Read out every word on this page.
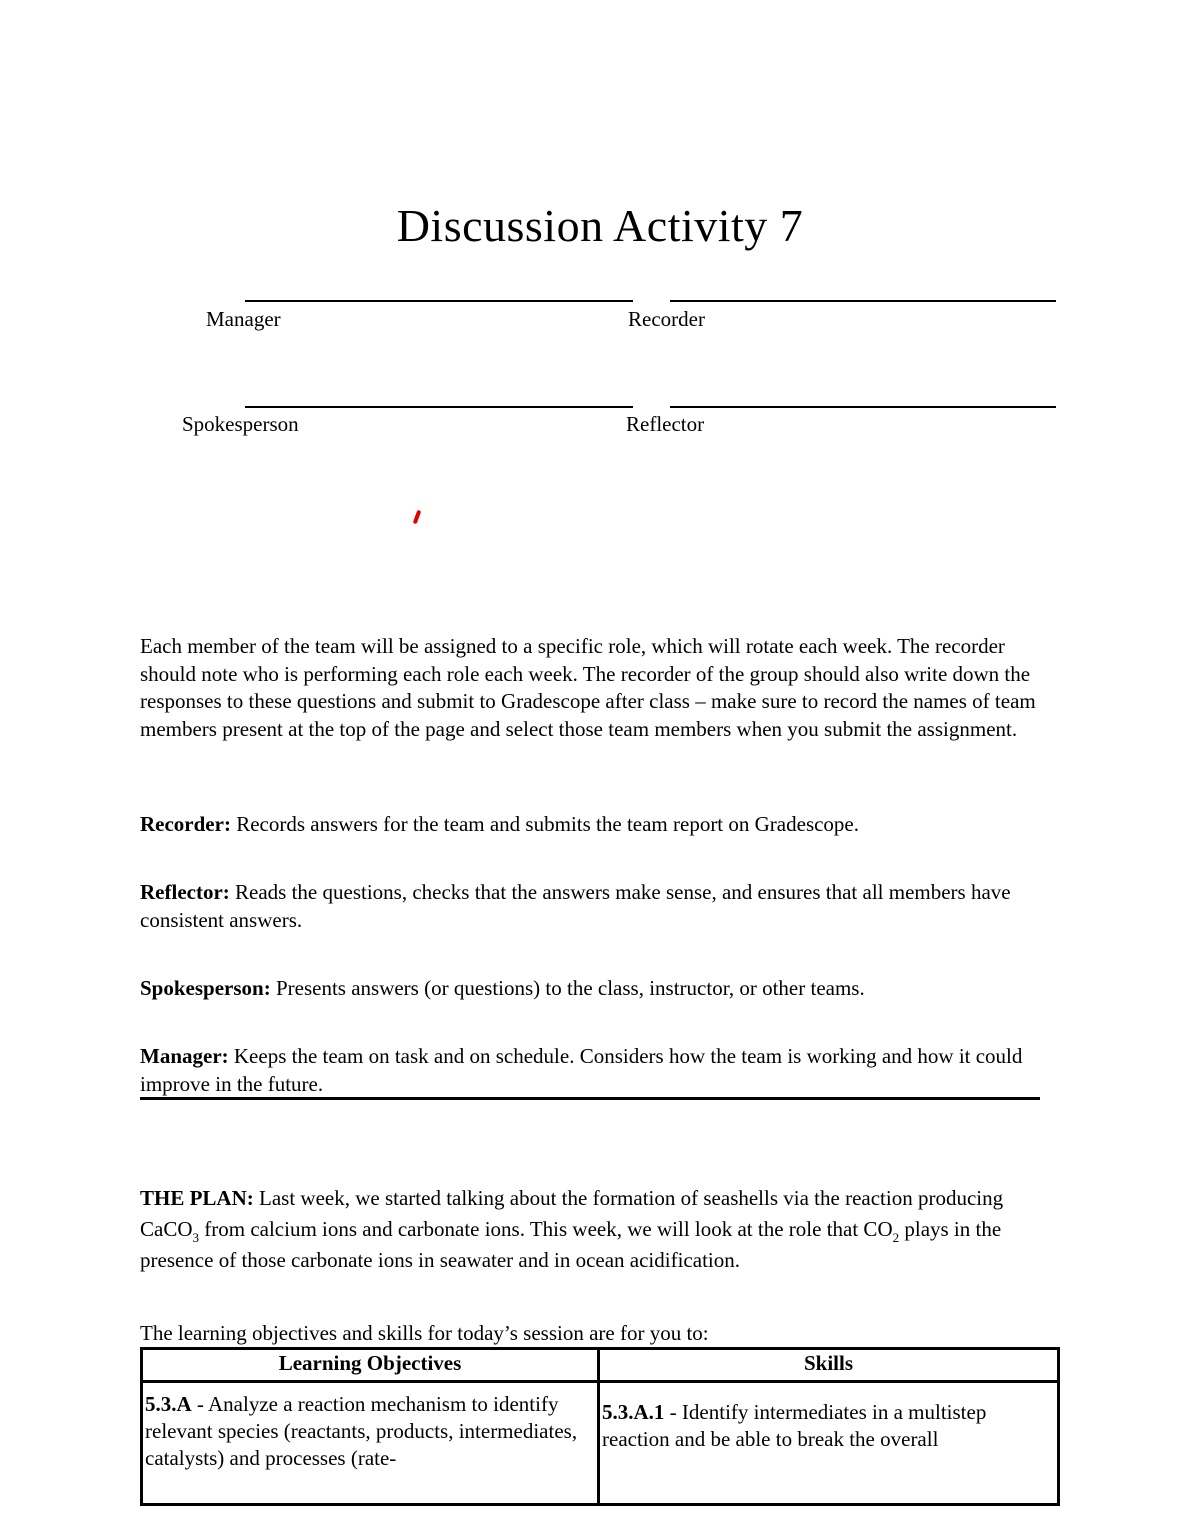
Discussion Activity 7
Manager	Recorder
Spokesperson	Reflector
Each member of the team will be assigned to a specific role, which will rotate each week. The recorder should note who is performing each role each week. The recorder of the group should also write down the responses to these questions and submit to Gradescope after class – make sure to record the names of team members present at the top of the page and select those team members when you submit the assignment.
Recorder: Records answers for the team and submits the team report on Gradescope.
Reflector: Reads the questions, checks that the answers make sense, and ensures that all members have consistent answers.
Spokesperson: Presents answers (or questions) to the class, instructor, or other teams.
Manager: Keeps the team on task and on schedule. Considers how the team is working and how it could improve in the future.
THE PLAN: Last week, we started talking about the formation of seashells via the reaction producing CaCO$_3$ from calcium ions and carbonate ions. This week, we will look at the role that $CO_2$ plays in the presence of those carbonate ions in seawater and in ocean acidification.
The learning objectives and skills for today’s session are for you to:
Learning Objectives	Skills

5.3.A - Analyze a reaction mechanism to identify relevant species (reactants, products, intermediates, catalysts) and processes (rate-	5.3.A.1 - Identify intermediates in a multistep reaction and be able to break the overall
